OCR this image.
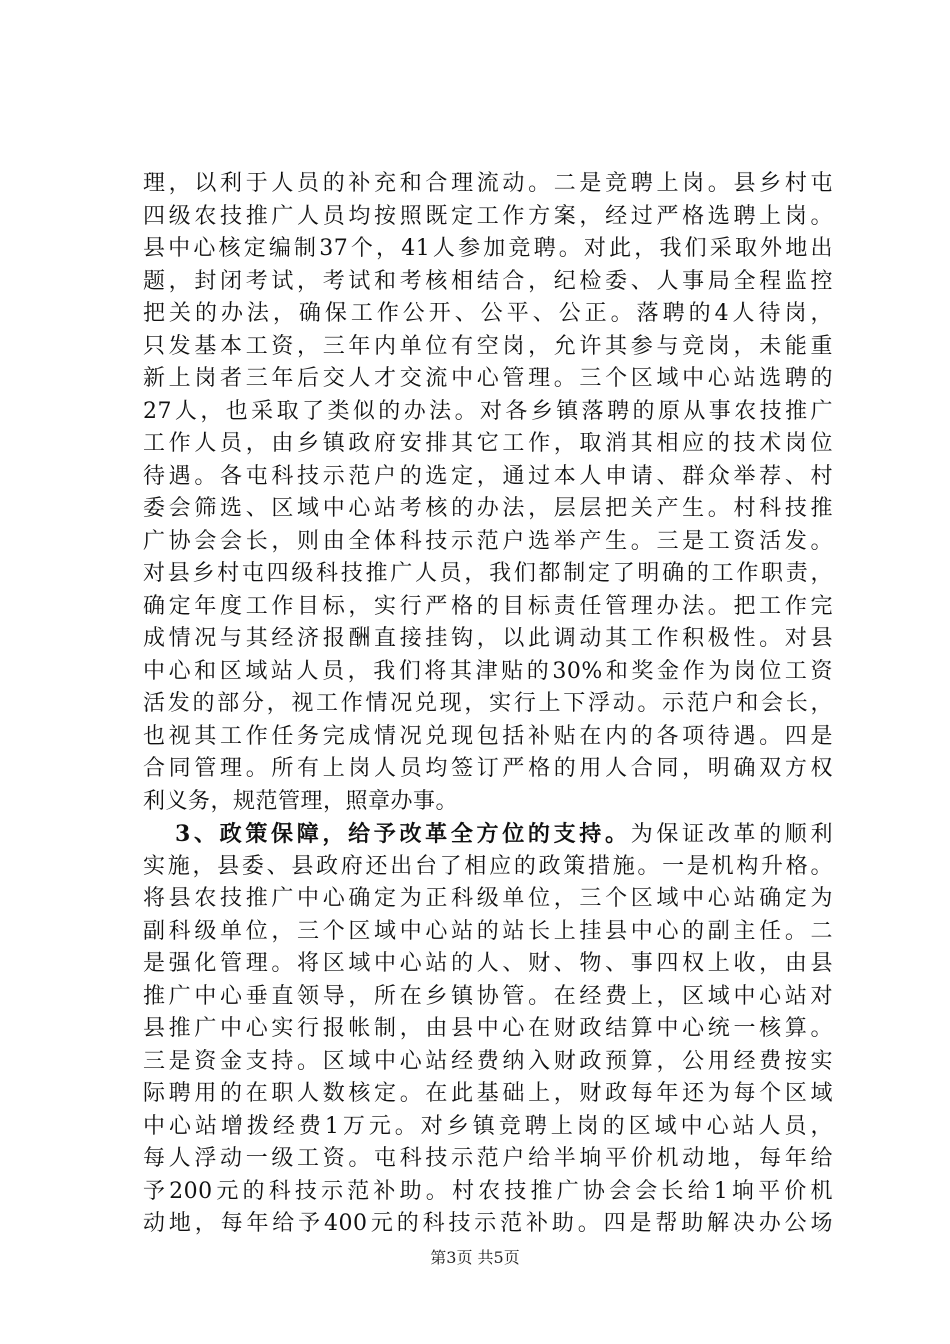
理，以利于人员的补充和合理流动。二是竞聘上岗。县乡村屯
四级农技推广人员均按照既定工作方案，经过严格选聘上岗。
县中心核定编制37个，41人参加竞聘。对此，我们采取外地出
题，封闭考试，考试和考核相结合，纪检委、人事局全程监控
把关的办法，确保工作公开、公平、公正。落聘的4人待岗，
只发基本工资，三年内单位有空岗，允许其参与竞岗，未能重
新上岗者三年后交人才交流中心管理。三个区域中心站选聘的
27人，也采取了类似的办法。对各乡镇落聘的原从事农技推广
工作人员，由乡镇政府安排其它工作，取消其相应的技术岗位
待遇。各屯科技示范户的选定，通过本人申请、群众举荐、村
委会筛选、区域中心站考核的办法，层层把关产生。村科技推
广协会会长，则由全体科技示范户选举产生。三是工资活发。
对县乡村屯四级科技推广人员，我们都制定了明确的工作职责，
确定年度工作目标，实行严格的目标责任管理办法。把工作完
成情况与其经济报酬直接挂钩，以此调动其工作积极性。对县
中心和区域站人员，我们将其津贴的30%和奖金作为岗位工资
活发的部分，视工作情况兑现，实行上下浮动。示范户和会长，
也视其工作任务完成情况兑现包括补贴在内的各项待遇。四是
合同管理。所有上岗人员均签订严格的用人合同，明确双方权
利义务，规范管理，照章办事。
3、政策保障，给予改革全方位的支持。为保证改革的顺利
实施，县委、县政府还出台了相应的政策措施。一是机构升格。
将县农技推广中心确定为正科级单位，三个区域中心站确定为
副科级单位，三个区域中心站的站长上挂县中心的副主任。二
是强化管理。将区域中心站的人、财、物、事四权上收，由县
推广中心垂直领导，所在乡镇协管。在经费上，区域中心站对
县推广中心实行报帐制，由县中心在财政结算中心统一核算。
三是资金支持。区域中心站经费纳入财政预算，公用经费按实
际聘用的在职人数核定。在此基础上，财政每年还为每个区域
中心站增拨经费1万元。对乡镇竞聘上岗的区域中心站人员，
每人浮动一级工资。屯科技示范户给半垧平价机动地，每年给
予200元的科技示范补助。村农技推广协会会长给1垧平价机
动地，每年给予400元的科技示范补助。四是帮助解决办公场
第3页 共5页
